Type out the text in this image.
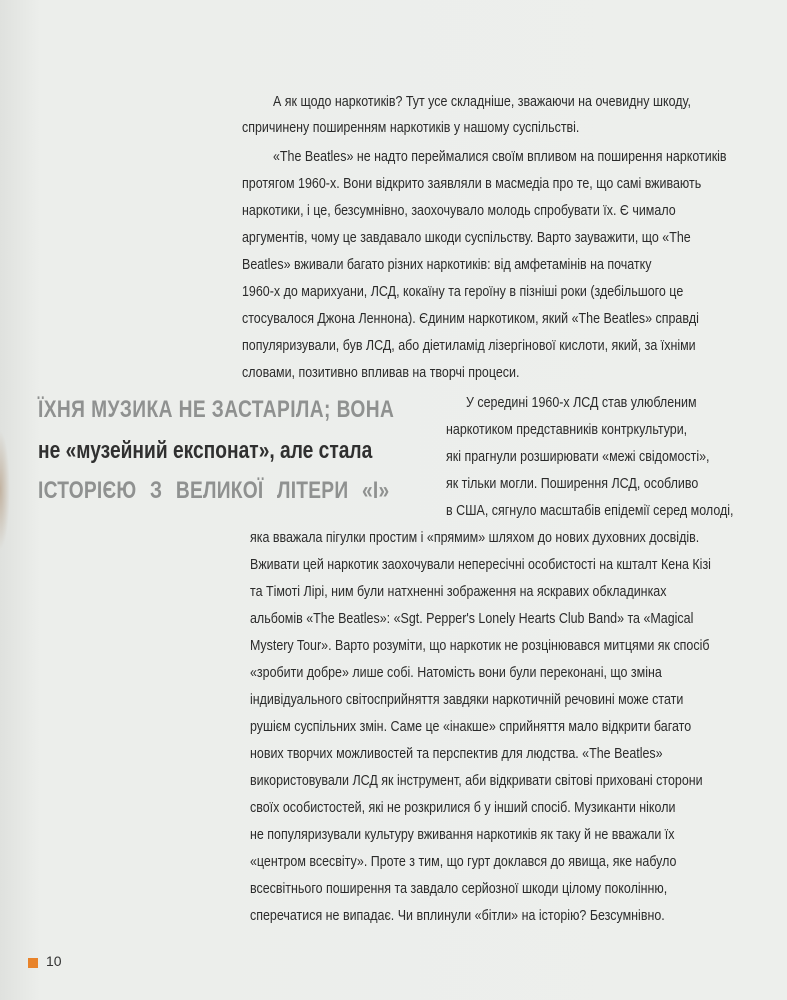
ЇХНЯ МУЗИКА НЕ ЗАСТАРІЛА; ВОНА
не «музейний експонат», але стала
ІСТОРІЄЮ З ВЕЛИКОЇ ЛІТЕРИ «І»
А як щодо наркотиків? Тут усе складніше, зважаючи на очевидну шкоду,
спричинену поширенням наркотиків у нашому суспільстві.
«The Beatles» не надто переймалися своїм впливом на поширення наркотиків
протягом 1960-х. Вони відкрито заявляли в масмедіа про те, що самі вживають
наркотики, і це, безсумнівно, заохочувало молодь спробувати їх. Є чимало
аргументів, чому це завдавало шкоди суспільству. Варто зауважити, що «The
Beatles» вживали багато різних наркотиків: від амфетамінів на початку
1960-х до марихуани, ЛСД, кокаїну та героїну в пізніші роки (здебільшого це
стосувалося Джона Леннона). Єдиним наркотиком, який «The Beatles» справді
популяризували, був ЛСД, або діетиламід лізергінової кислоти, який, за їхніми
словами, позитивно впливав на творчі процеси.
У середині 1960-х ЛСД став улюбленим
наркотиком представників контркультури,
які прагнули розширювати «межі свідомості»,
як тільки могли. Поширення ЛСД, особливо
в США, сягнуло масштабів епідемії серед молоді,
яка вважала пігулки простим і «прямим» шляхом до нових духовних досвідів.
Вживати цей наркотик заохочували непересічні особистості на кшталт Кена Кізі
та Тімоті Лірі, ним були натхненні зображення на яскравих обкладинках
альбомів «The Beatles»: «Sgt. Pepper's Lonely Hearts Club Band» та «Magical
Mystery Tour». Варто розуміти, що наркотик не розцінювався митцями як спосіб
«зробити добре» лише собі. Натомість вони були переконані, що зміна
індивідуального світосприйняття завдяки наркотичній речовині може стати
рушієм суспільних змін. Саме це «інакше» сприйняття мало відкрити багато
нових творчих можливостей та перспектив для людства. «The Beatles»
використовували ЛСД як інструмент, аби відкривати світові приховані сторони
своїх особистостей, які не розкрилися б у інший спосіб. Музиканти ніколи
не популяризували культуру вживання наркотиків як таку й не вважали їх
«центром всесвіту». Проте з тим, що гурт доклався до явища, яке набуло
всесвітнього поширення та завдало серйозної шкоди цілому поколінню,
сперечатися не випадає. Чи вплинули «бітли» на історію? Безсумнівно.
10
